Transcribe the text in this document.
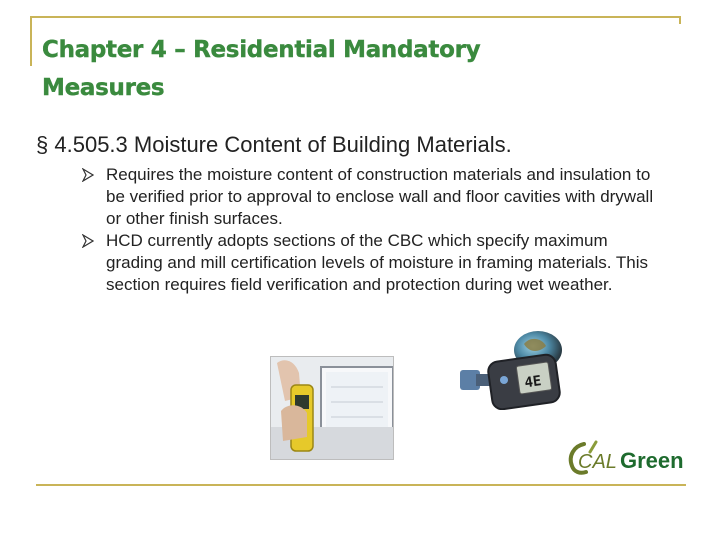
Chapter 4 – Residential Mandatory
Measures

§ 4.505.3 Moisture Content of Building Materials.

Requires the moisture content of construction materials and insulation to be verified prior to approval to enclose wall and floor cavities with drywall or other finish surfaces.
HCD currently adopts sections of the CBC which specify maximum grading and mill certification levels of moisture in framing materials. This section requires field verification and protection during wet weather.
4E
CAL Green
